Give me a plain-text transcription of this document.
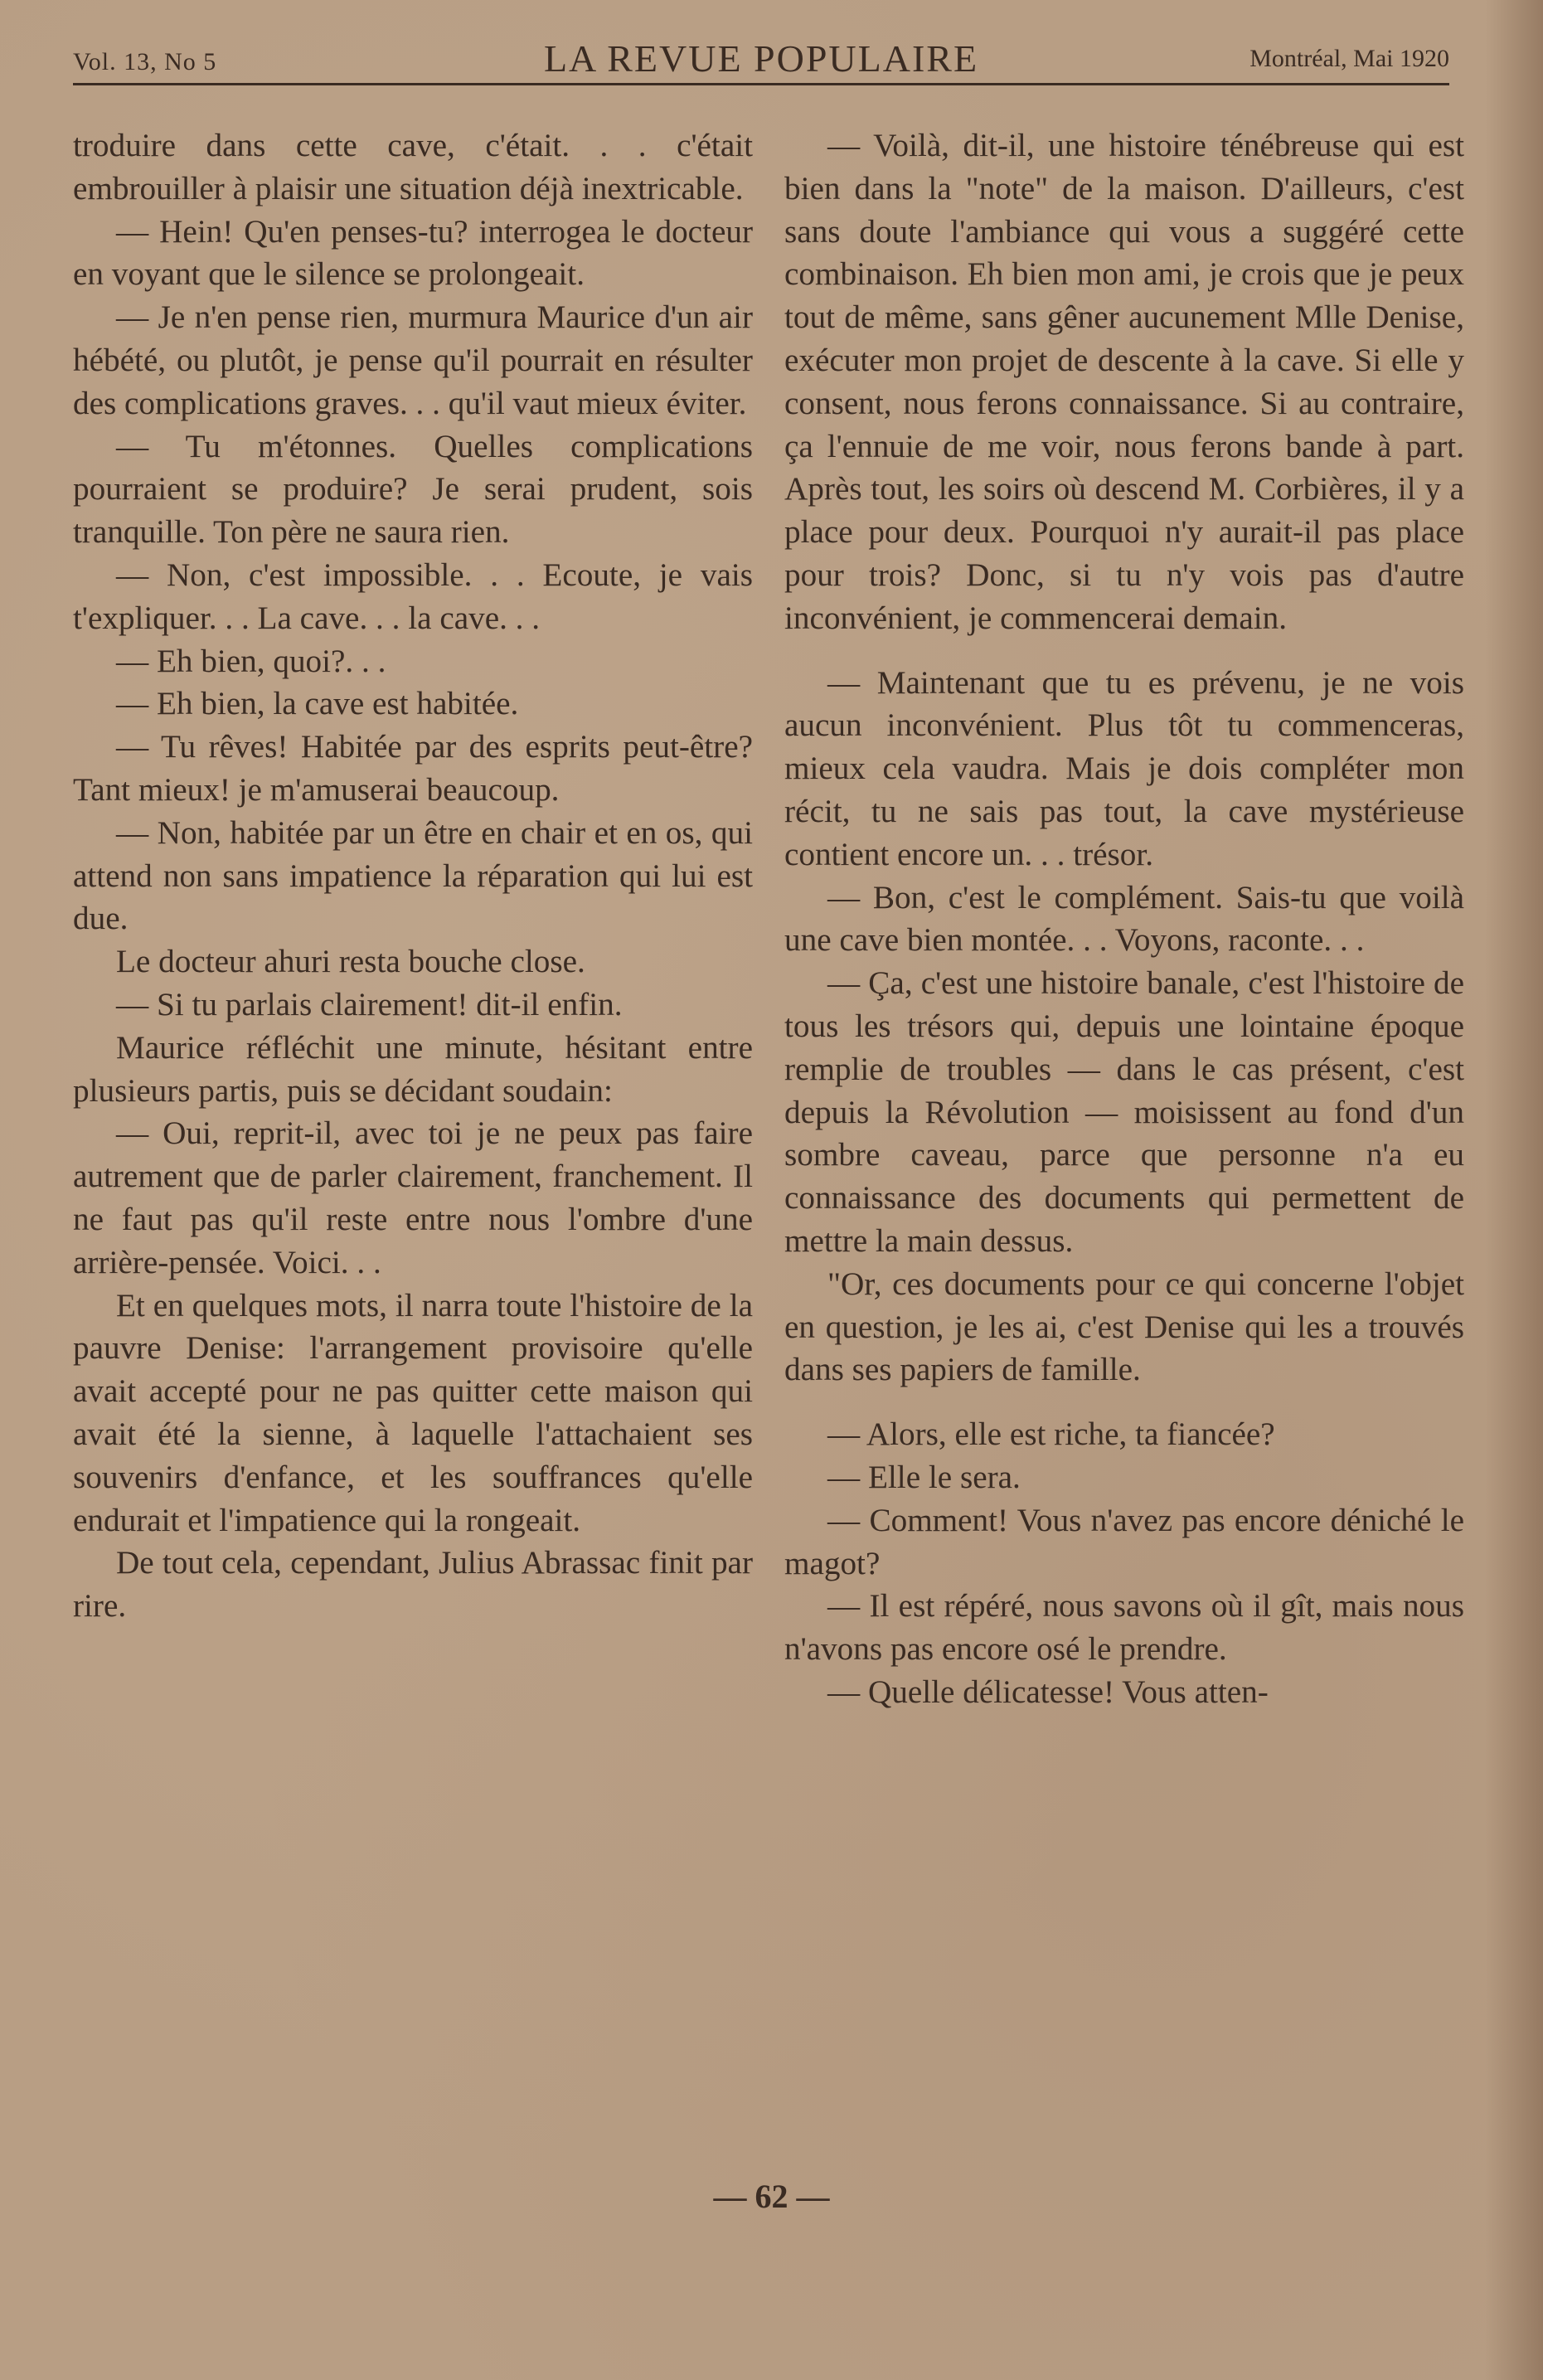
Vol. 13, No 5	LA REVUE POPULAIRE	Montréal, Mai 1920

troduire dans cette cave, c'était. . . c'était embrouiller à plaisir une situation déjà inextricable.

— Hein! Qu'en penses-tu? interrogea le docteur en voyant que le silence se prolongeait.

— Je n'en pense rien, murmura Maurice d'un air hébété, ou plutôt, je pense qu'il pourrait en résulter des complications graves. . . qu'il vaut mieux éviter.

— Tu m'étonnes. Quelles complications pourraient se produire? Je serai prudent, sois tranquille. Ton père ne saura rien.

— Non, c'est impossible. . . Ecoute, je vais t'expliquer. . . La cave. . . la cave. . .

— Eh bien, quoi?. . .

— Eh bien, la cave est habitée.

— Tu rêves! Habitée par des esprits peut-être? Tant mieux! je m'amuserai beaucoup.

— Non, habitée par un être en chair et en os, qui attend non sans impatience la réparation qui lui est due.

Le docteur ahuri resta bouche close.

— Si tu parlais clairement! dit-il enfin.

Maurice réfléchit une minute, hésitant entre plusieurs partis, puis se décidant soudain:

— Oui, reprit-il, avec toi je ne peux pas faire autrement que de parler clairement, franchement. Il ne faut pas qu'il reste entre nous l'ombre d'une arrière-pensée. Voici. . .

Et en quelques mots, il narra toute l'histoire de la pauvre Denise: l'arrangement provisoire qu'elle avait accepté pour ne pas quitter cette maison qui avait été la sienne, à laquelle l'attachaient ses souvenirs d'enfance, et les souffrances qu'elle endurait et l'impatience qui la rongeait.

De tout cela, cependant, Julius Abrassac finit par rire.

— Voilà, dit-il, une histoire ténébreuse qui est bien dans la "note" de la maison. D'ailleurs, c'est sans doute l'ambiance qui vous a suggéré cette combinaison. Eh bien mon ami, je crois que je peux tout de même, sans gêner aucunement Mlle Denise, exécuter mon projet de descente à la cave. Si elle y consent, nous ferons connaissance. Si au contraire, ça l'ennuie de me voir, nous ferons bande à part. Après tout, les soirs où descend M. Corbières, il y a place pour deux. Pourquoi n'y aurait-il pas place pour trois? Donc, si tu n'y vois pas d'autre inconvénient, je commencerai demain.

— Maintenant que tu es prévenu, je ne vois aucun inconvénient. Plus tôt tu commenceras, mieux cela vaudra. Mais je dois compléter mon récit, tu ne sais pas tout, la cave mystérieuse contient encore un. . . trésor.

— Bon, c'est le complément. Sais-tu que voilà une cave bien montée. . . Voyons, raconte. . .

— Ça, c'est une histoire banale, c'est l'histoire de tous les trésors qui, depuis une lointaine époque remplie de troubles — dans le cas présent, c'est depuis la Révolution — moisissent au fond d'un sombre caveau, parce que personne n'a eu connaissance des documents qui permettent de mettre la main dessus.

"Or, ces documents pour ce qui concerne l'objet en question, je les ai, c'est Denise qui les a trouvés dans ses papiers de famille.

— Alors, elle est riche, ta fiancée?

— Elle le sera.

— Comment! Vous n'avez pas encore déniché le magot?

— Il est répéré, nous savons où il gît, mais nous n'avons pas encore osé le prendre.

— Quelle délicatesse! Vous atten-

— 62 —
